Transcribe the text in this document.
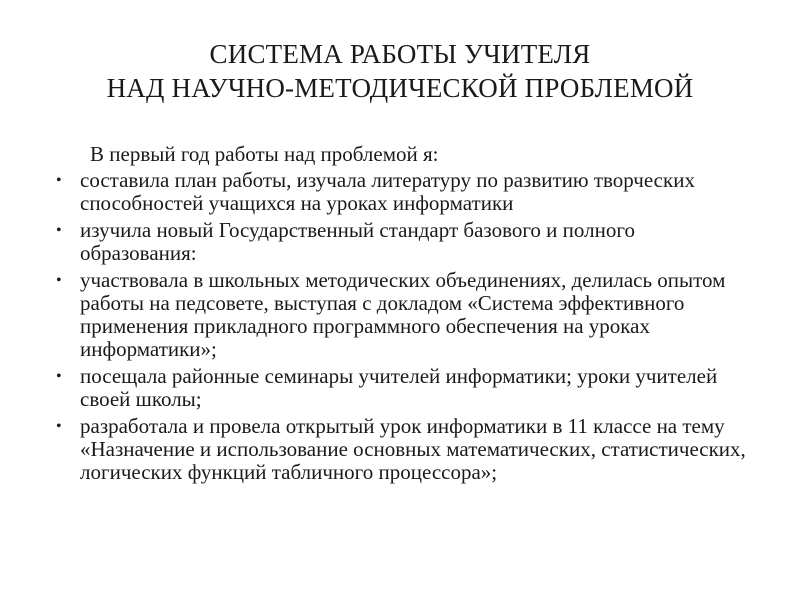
СИСТЕМА РАБОТЫ УЧИТЕЛЯ
НАД НАУЧНО-МЕТОДИЧЕСКОЙ ПРОБЛЕМОЙ

В первый год работы над проблемой я:

• составила план работы, изучала литературу по развитию творческих способностей учащихся на уроках информатики
• изучила новый Государственный стандарт базового и полного образования:
• участвовала в школьных методических объединениях, делилась опытом работы на педсовете, выступая с докладом «Система эффективного применения прикладного программного обеспечения на уроках информатики»;
• посещала районные семинары учителей информатики; уроки учителей своей школы;
• разработала и провела открытый урок информатики в 11 классе на тему «Назначение и использование основных математических, статистических, логических функций табличного процессора»;
